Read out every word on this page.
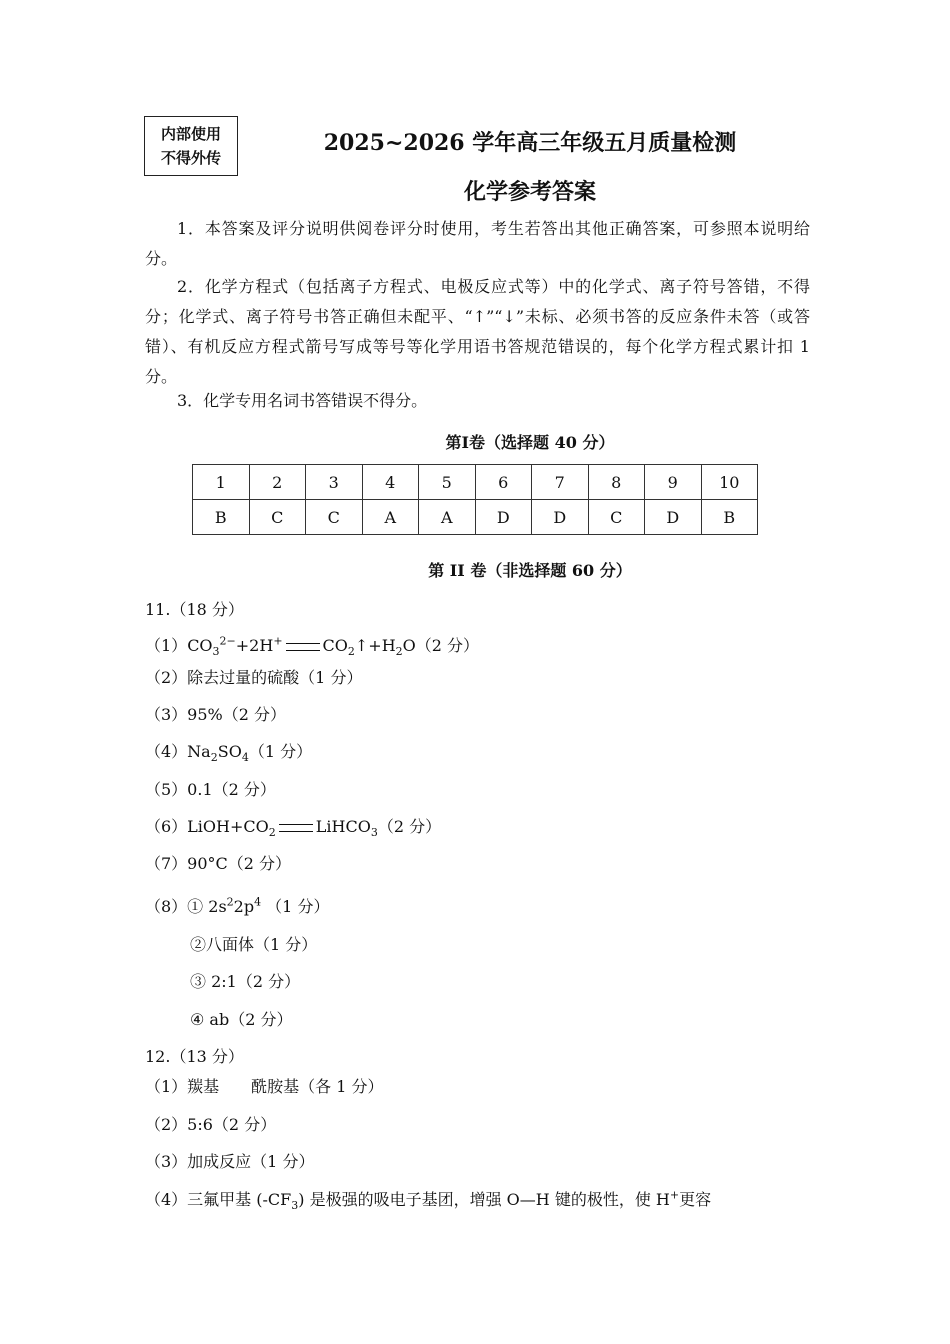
内部使用
不得外传
2025~2026 学年高三年级五月质量检测
化学参考答案
1．本答案及评分说明供阅卷评分时使用，考生若答出其他正确答案，可参照本说明给分。
2．化学方程式（包括离子方程式、电极反应式等）中的化学式、离子符号答错，不得分；化学式、离子符号书答正确但未配平、“↑”“↓”未标、必须书答的反应条件未答（或答错）、有机反应方程式箭号写成等号等化学用语书答规范错误的，每个化学方程式累计扣 1 分。
3．化学专用名词书答错误不得分。
第I卷（选择题 40 分）
1	2	3	4	5	6	7	8	9	10
B	C	C	A	A	D	D	C	D	B
第 II 卷（非选择题 60 分）
11.（18 分）
$(1)CO_3^{2-}+2H^+$	$CO_2↑+H_2O(2$ 分）
（2）除去过量的硫酸（1 分）
（3）95%（2 分）
$(4)Na_2SO_4(1$ 分）
（5）0.1（2 分）
$(6)LiOH+CO_2$	LiHCO$_3$（2 分）
（7）90°C（2 分）
（8）① $2s^22p^4$ （1 分）
②八面体（1 分）
③ 2:1（2 分）
④ ab（2 分）
12.（13 分）
（1）羰基　　酰胺基（各 1 分）
（2）5:6（2 分）
（3）加成反应（1 分）
（4）三氟甲基 $(-CF_3)$ 是极强的吸电子基团，增强 O—H 键的极性，使 H+更容
